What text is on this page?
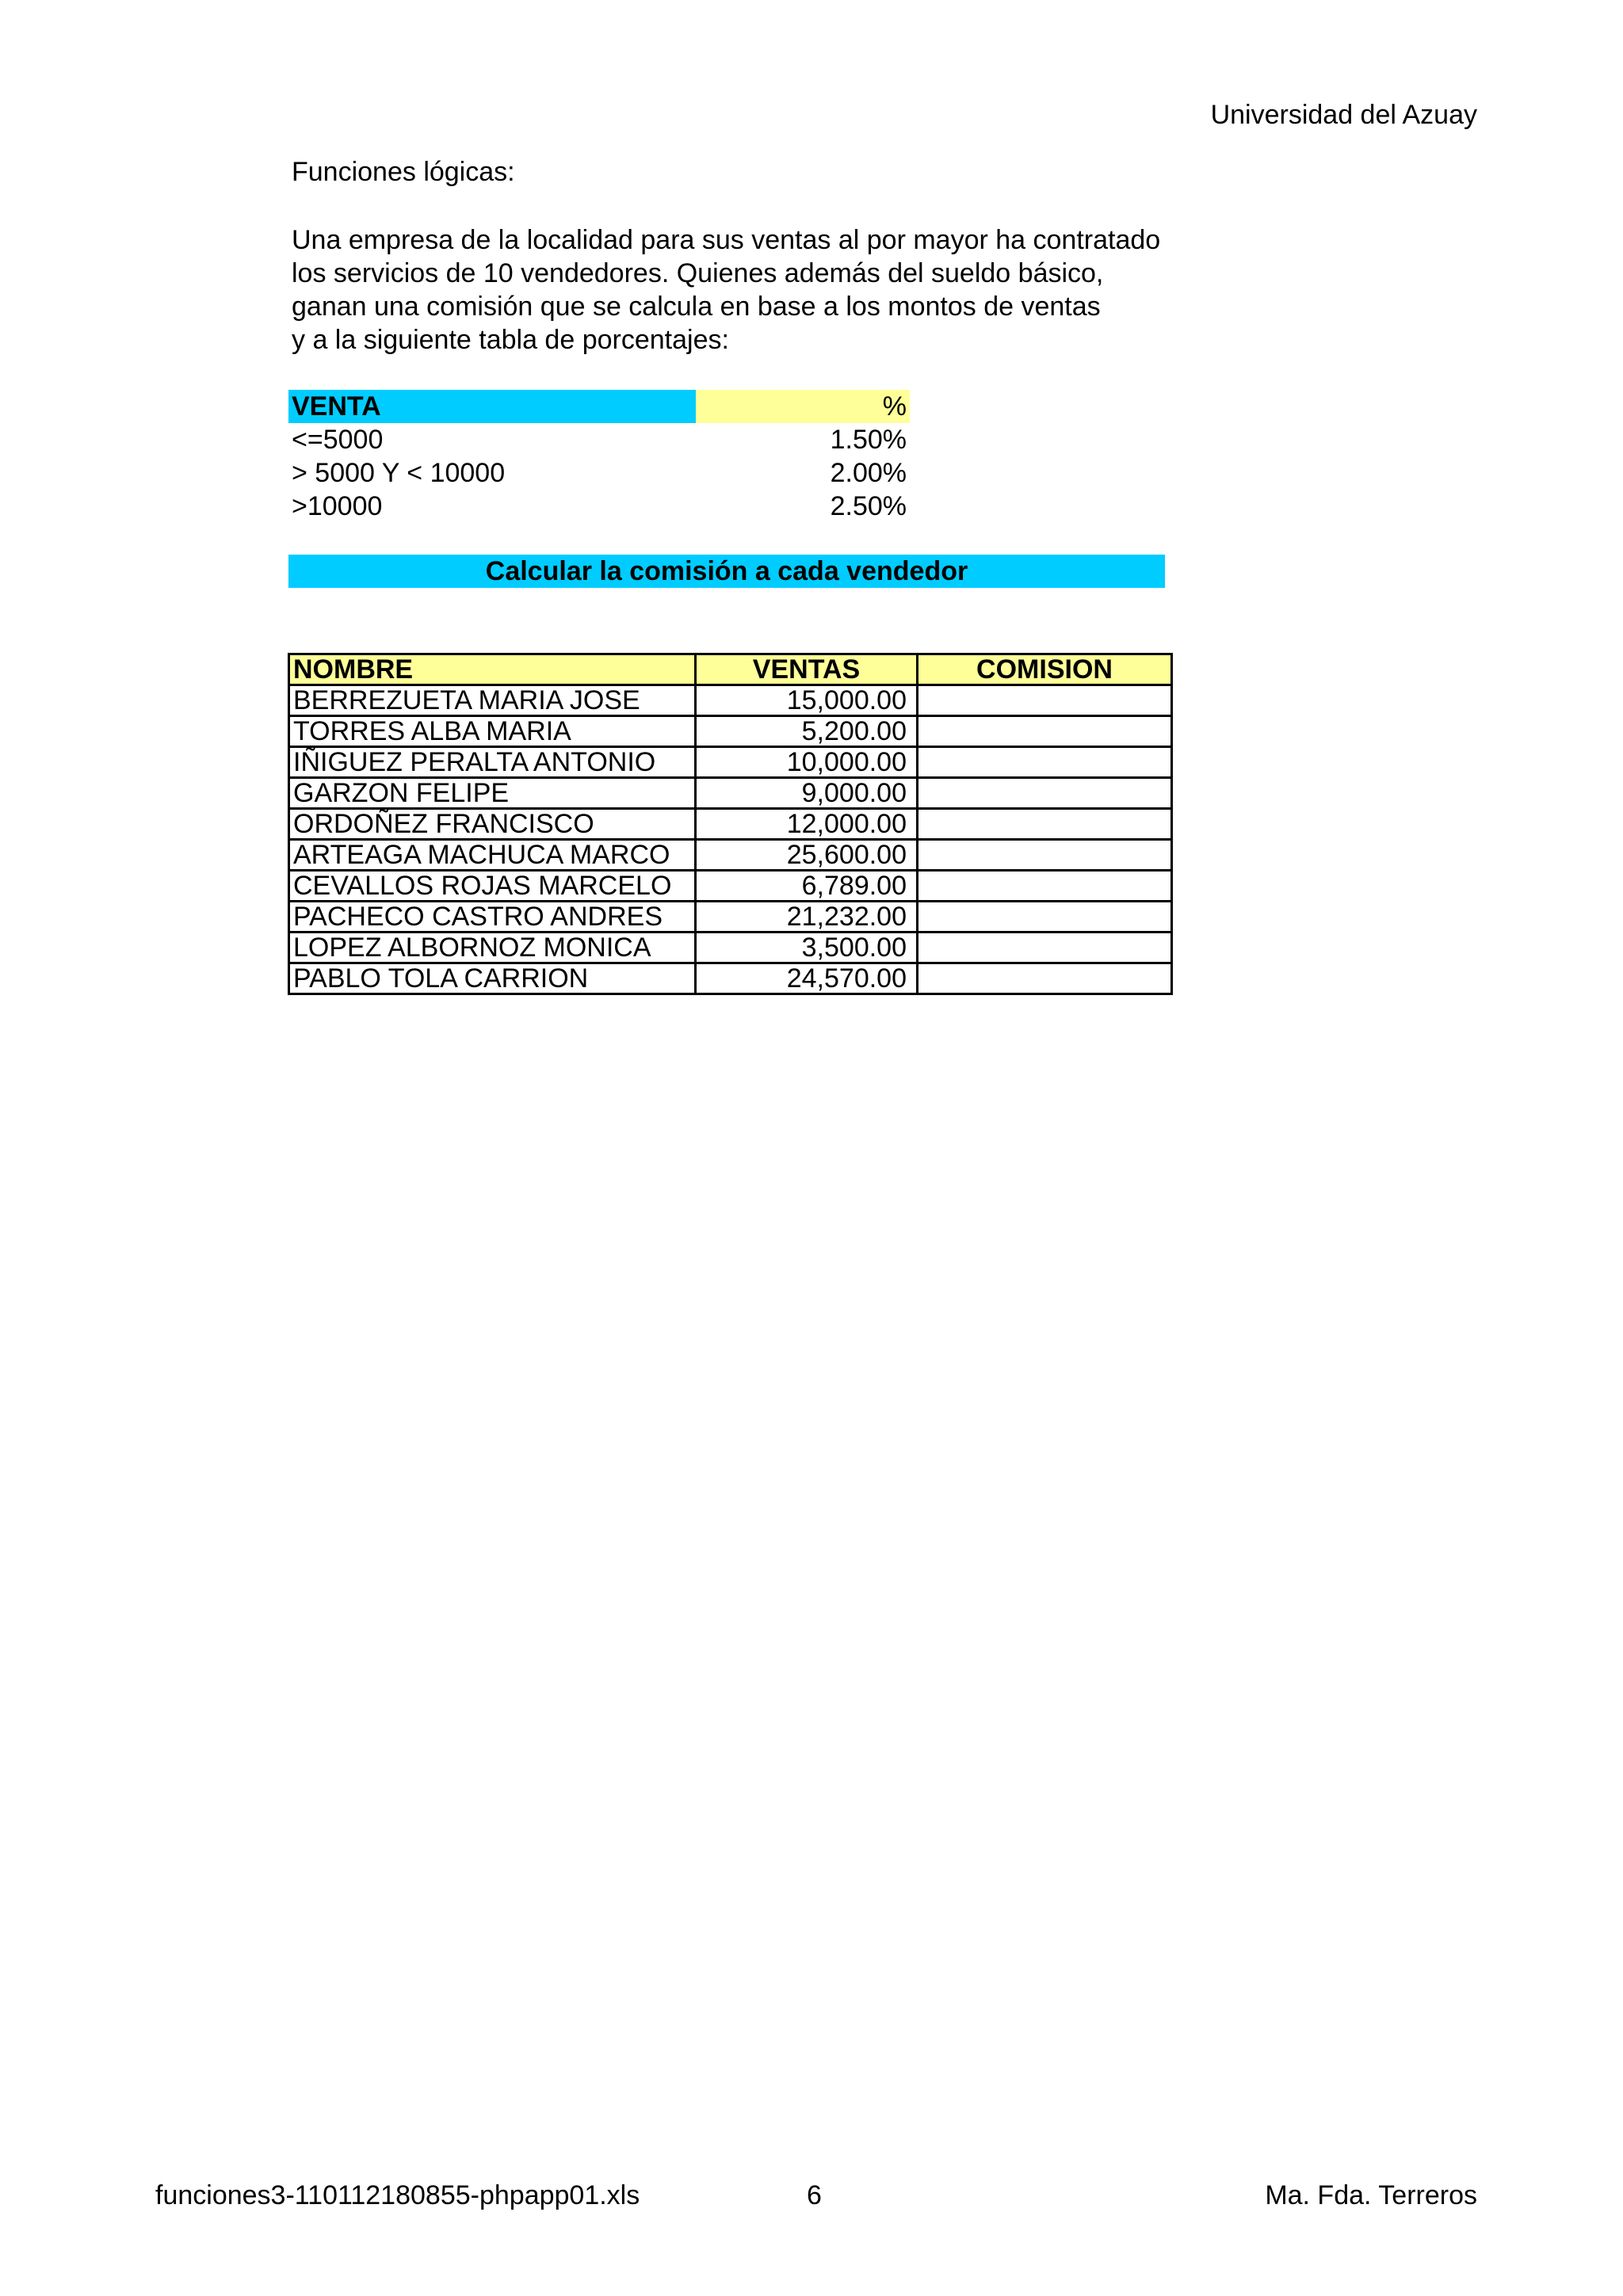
Universidad del Azuay
Funciones lógicas:
Una empresa de la localidad para sus ventas al por mayor ha contratado
los servicios de 10 vendedores. Quienes además del sueldo básico,
ganan una comisión que se calcula en base a los montos de ventas
y a la siguiente tabla de porcentajes:
VENTA	%
<=5000	1.50%
> 5000 Y < 10000	2.00%
>10000	2.50%
Calcular la comisión a cada vendedor
NOMBRE	VENTAS	COMISION
BERREZUETA MARIA JOSE	15,000.00	
TORRES ALBA MARIA	5,200.00	
IÑIGUEZ PERALTA ANTONIO	10,000.00	
GARZON FELIPE	9,000.00	
ORDOÑEZ FRANCISCO	12,000.00	
ARTEAGA MACHUCA MARCO	25,600.00	
CEVALLOS ROJAS MARCELO	6,789.00	
PACHECO CASTRO ANDRES	21,232.00	
LOPEZ ALBORNOZ MONICA	3,500.00	
PABLO TOLA CARRION	24,570.00	
funciones3-110112180855-phpapp01.xls	6	Ma. Fda. Terreros
